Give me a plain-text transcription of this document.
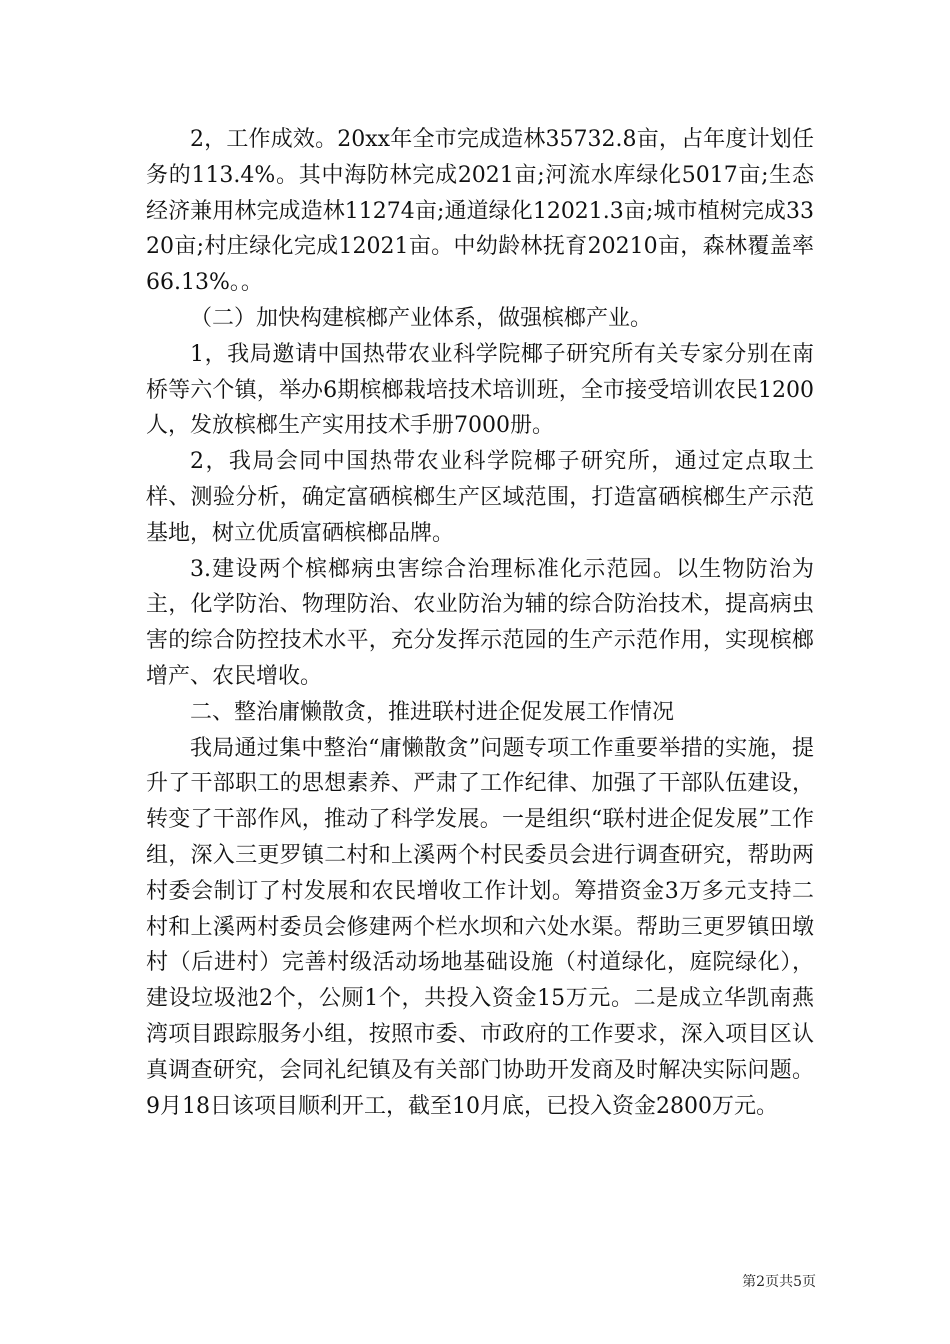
2，工作成效。20xx年全市完成造林35732.8亩，占年度计划任务的113.4%。其中海防林完成2021亩;河流水库绿化5017亩;生态经济兼用林完成造林11274亩;通道绿化12021.3亩;城市植树完成3320亩;村庄绿化完成12021亩。中幼龄林抚育20210亩，森林覆盖率66.13%。。

（二）加快构建槟榔产业体系，做强槟榔产业。

1，我局邀请中国热带农业科学院椰子研究所有关专家分别在南桥等六个镇，举办6期槟榔栽培技术培训班，全市接受培训农民1200人，发放槟榔生产实用技术手册7000册。

2，我局会同中国热带农业科学院椰子研究所，通过定点取土样、测验分析，确定富硒槟榔生产区域范围，打造富硒槟榔生产示范基地，树立优质富硒槟榔品牌。

3.建设两个槟榔病虫害综合治理标准化示范园。以生物防治为主，化学防治、物理防治、农业防治为辅的综合防治技术，提高病虫害的综合防控技术水平，充分发挥示范园的生产示范作用，实现槟榔增产、农民增收。

二、整治庸懒散贪，推进联村进企促发展工作情况

我局通过集中整治“庸懒散贪”问题专项工作重要举措的实施，提升了干部职工的思想素养、严肃了工作纪律、加强了干部队伍建设，转变了干部作风，推动了科学发展。一是组织“联村进企促发展”工作组，深入三更罗镇二村和上溪两个村民委员会进行调查研究，帮助两村委会制订了村发展和农民增收工作计划。筹措资金3万多元支持二村和上溪两村委员会修建两个栏水坝和六处水渠。帮助三更罗镇田墩村（后进村）完善村级活动场地基础设施（村道绿化，庭院绿化），建设垃圾池2个，公厕1个，共投入资金15万元。二是成立华凯南燕湾项目跟踪服务小组，按照市委、市政府的工作要求，深入项目区认真调查研究，会同礼纪镇及有关部门协助开发商及时解决实际问题。9月18日该项目顺利开工，截至10月底，已投入资金2800万元。

第2页共5页
